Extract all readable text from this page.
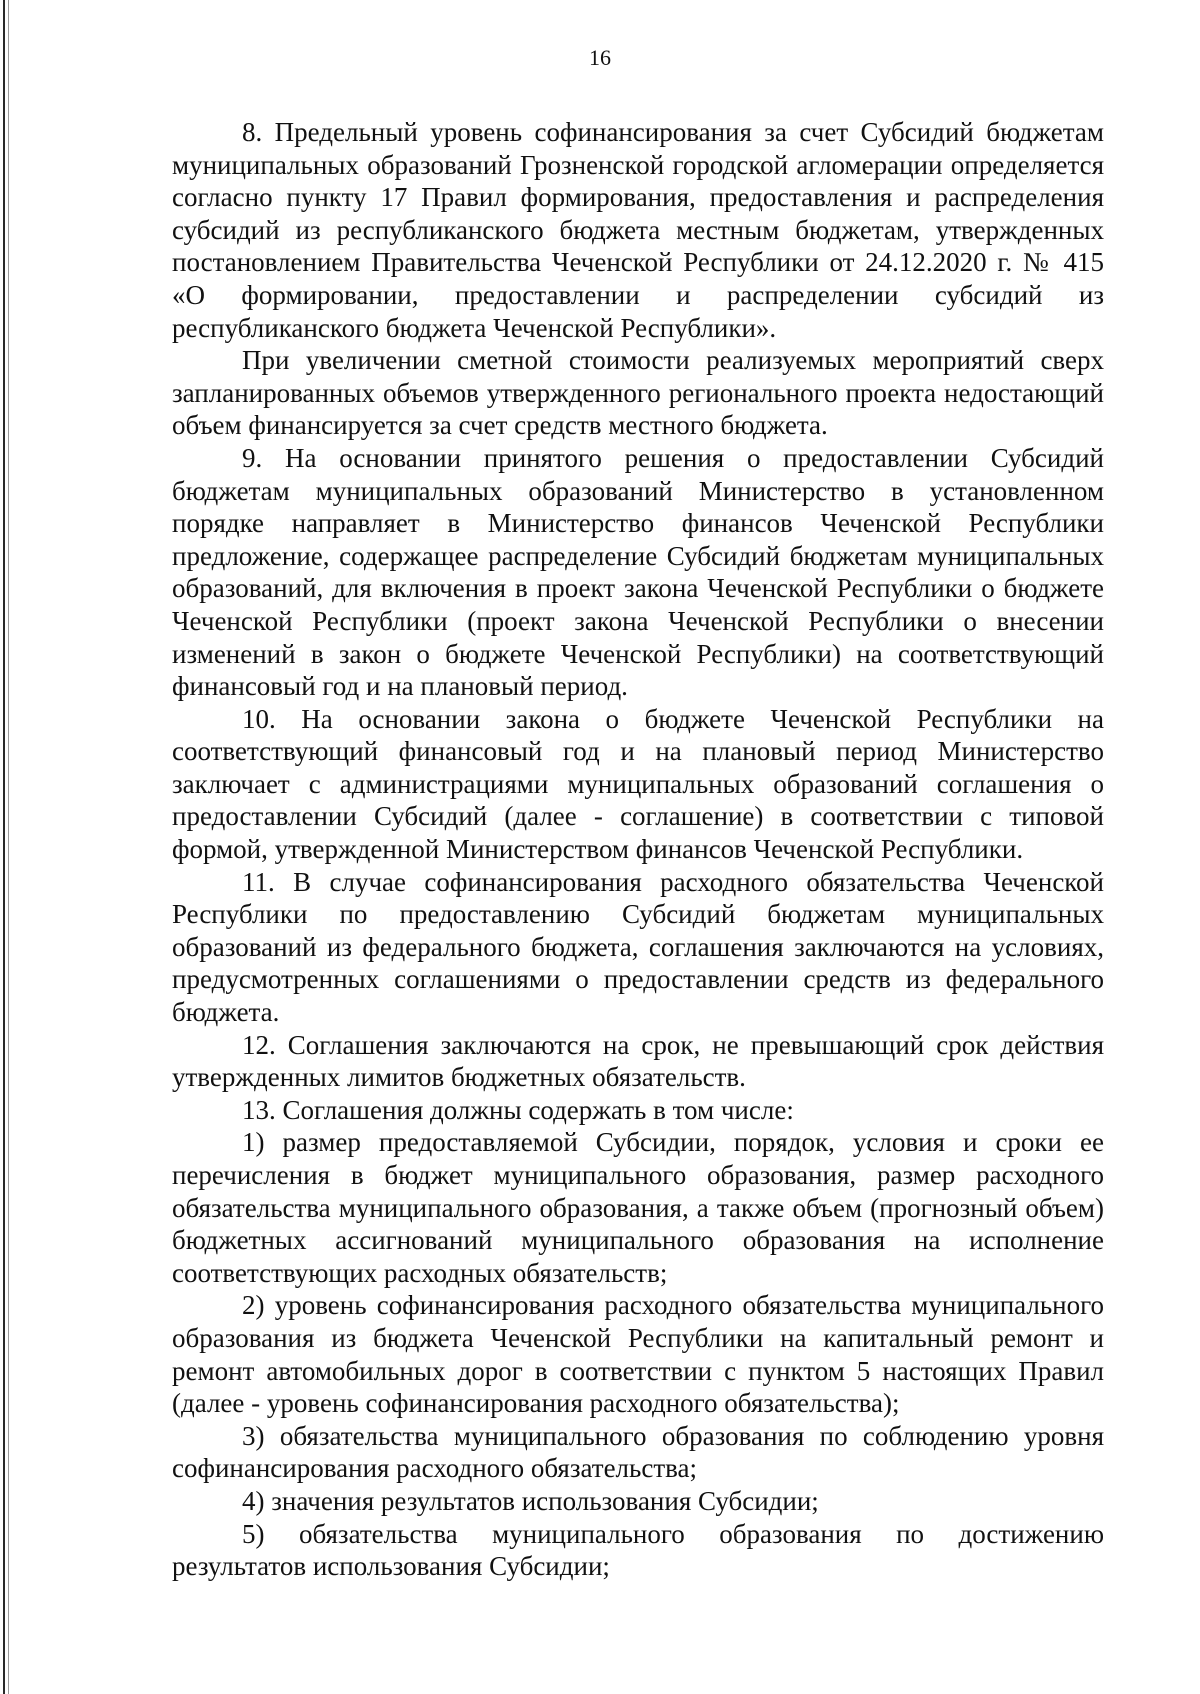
16

8. Предельный уровень софинансирования за счет Субсидий бюджетам муниципальных образований Грозненской городской агломерации определяется согласно пункту 17 Правил формирования, предоставления и распределения субсидий из республиканского бюджета местным бюджетам, утвержденных постановлением Правительства Чеченской Республики от 24.12.2020 г. № 415 «О формировании, предоставлении и распределении субсидий из республиканского бюджета Чеченской Республики».

При увеличении сметной стоимости реализуемых мероприятий сверх запланированных объемов утвержденного регионального проекта недостающий объем финансируется за счет средств местного бюджета.

9. На основании принятого решения о предоставлении Субсидий бюджетам муниципальных образований Министерство в установленном порядке направляет в Министерство финансов Чеченской Республики предложение, содержащее распределение Субсидий бюджетам муниципальных образований, для включения в проект закона Чеченской Республики о бюджете Чеченской Республики (проект закона Чеченской Республики о внесении изменений в закон о бюджете Чеченской Республики) на соответствующий финансовый год и на плановый период.

10. На основании закона о бюджете Чеченской Республики на соответствующий финансовый год и на плановый период Министерство заключает с администрациями муниципальных образований соглашения о предоставлении Субсидий (далее - соглашение) в соответствии с типовой формой, утвержденной Министерством финансов Чеченской Республики.

11. В случае софинансирования расходного обязательства Чеченской Республики по предоставлению Субсидий бюджетам муниципальных образований из федерального бюджета, соглашения заключаются на условиях, предусмотренных соглашениями о предоставлении средств из федерального бюджета.

12. Соглашения заключаются на срок, не превышающий срок действия утвержденных лимитов бюджетных обязательств.

13. Соглашения должны содержать в том числе:

1) размер предоставляемой Субсидии, порядок, условия и сроки ее перечисления в бюджет муниципального образования, размер расходного обязательства муниципального образования, а также объем (прогнозный объем) бюджетных ассигнований муниципального образования на исполнение соответствующих расходных обязательств;

2) уровень софинансирования расходного обязательства муниципального образования из бюджета Чеченской Республики на капитальный ремонт и ремонт автомобильных дорог в соответствии с пунктом 5 настоящих Правил (далее - уровень софинансирования расходного обязательства);

3) обязательства муниципального образования по соблюдению уровня софинансирования расходного обязательства;

4) значения результатов использования Субсидии;

5) обязательства муниципального образования по достижению результатов использования Субсидии;
